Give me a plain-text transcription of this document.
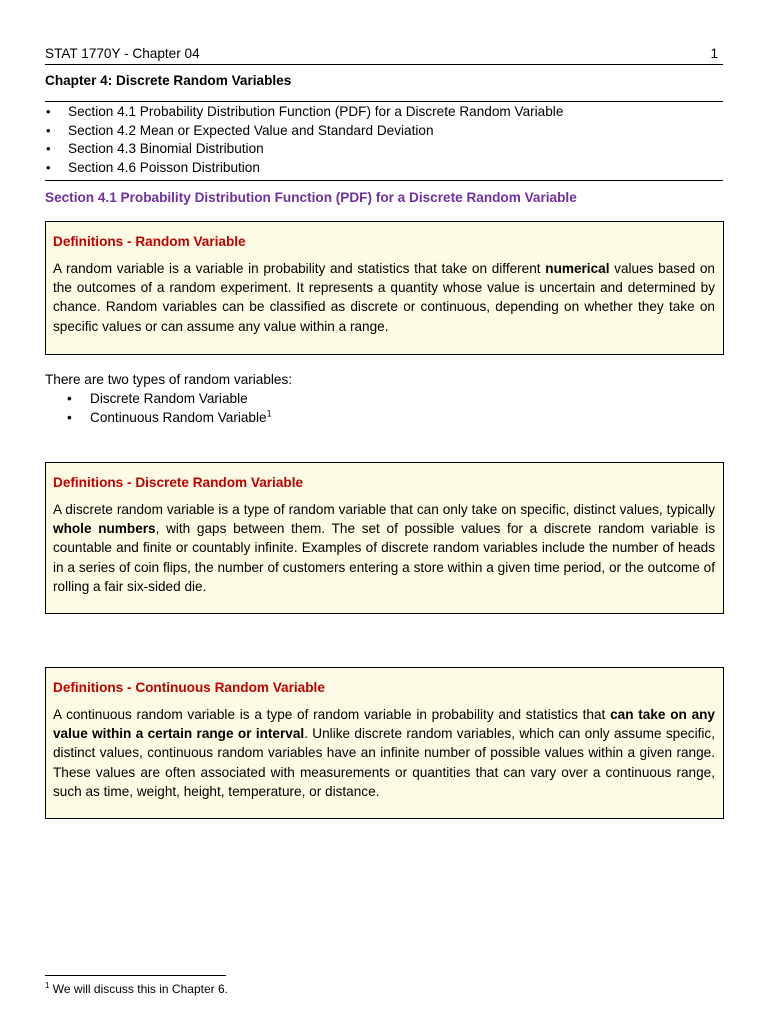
STAT 1770Y - Chapter 04	1
Chapter 4: Discrete Random Variables
• Section 4.1 Probability Distribution Function (PDF) for a Discrete Random Variable
• Section 4.2 Mean or Expected Value and Standard Deviation
• Section 4.3 Binomial Distribution
• Section 4.6 Poisson Distribution
Section 4.1 Probability Distribution Function (PDF) for a Discrete Random Variable
Definitions - Random Variable

A random variable is a variable in probability and statistics that take on different numerical values based on the outcomes of a random experiment. It represents a quantity whose value is uncertain and determined by chance. Random variables can be classified as discrete or continuous, depending on whether they take on specific values or can assume any value within a range.

There are two types of random variables:
• Discrete Random Variable
• Continuous Random Variable$^1$
Definitions - Discrete Random Variable

A discrete random variable is a type of random variable that can only take on specific, distinct values, typically whole numbers, with gaps between them. The set of possible values for a discrete random variable is countable and finite or countably infinite. Examples of discrete random variables include the number of heads in a series of coin flips, the number of customers entering a store within a given time period, or the outcome of rolling a fair six-sided die.

Definitions - Continuous Random Variable

A continuous random variable is a type of random variable in probability and statistics that can take on any value within a certain range or interval. Unlike discrete random variables, which can only assume specific, distinct values, continuous random variables have an infinite number of possible values within a given range. These values are often associated with measurements or quantities that can vary over a continuous range, such as time, weight, height, temperature, or distance.

$^1$ We will discuss this in Chapter 6.
